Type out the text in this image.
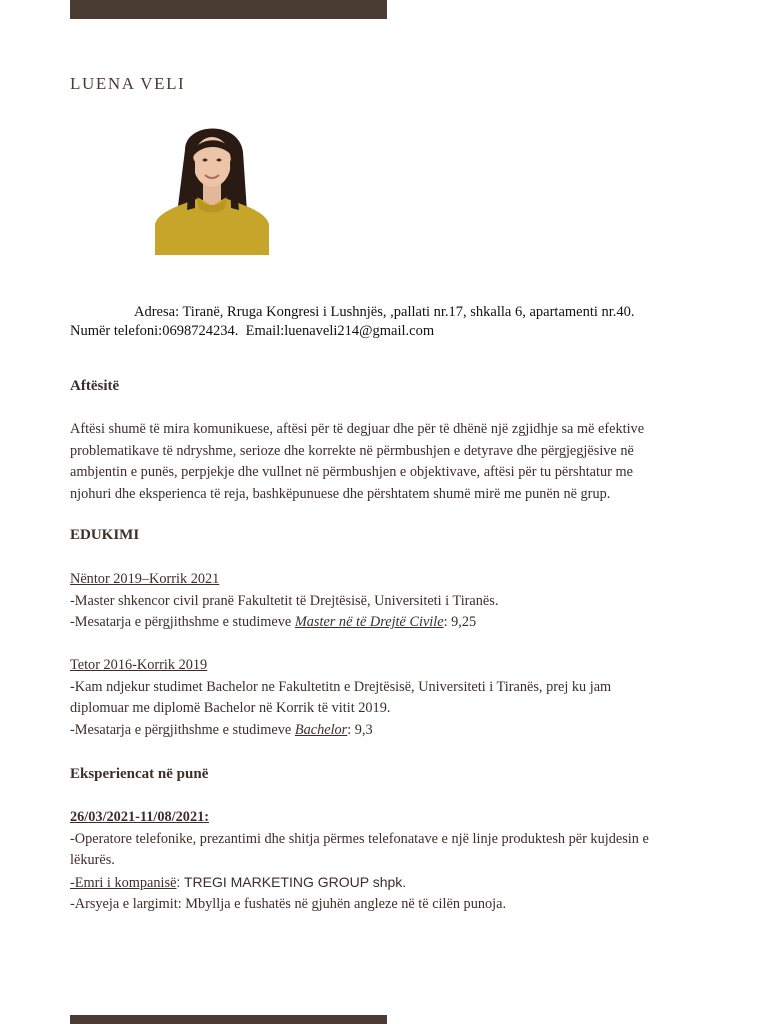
LUENA VELI
Adresa: Tiranë, Rruga Kongresi i Lushnjës, ,pallati nr.17, shkalla 6, apartamenti nr.40.
Numër telefoni:0698724234. Email:luenaveli214@gmail.com
Aftësitë
Aftësi shumë të mira komunikuese, aftësi për të degjuar dhe për të dhënë një zgjidhje sa më efektive
problematikave të ndryshme, serioze dhe korrekte në përmbushjen e detyrave dhe përgjegjësive në
ambjentin e punës, perpjekje dhe vullnet në përmbushjen e objektivave, aftësi për tu përshtatur me
njohuri dhe eksperienca të reja, bashkëpunuese dhe përshtatem shumë mirë me punën në grup.
EDUKIMI
Nëntor 2019–Korrik 2021
-Master shkencor civil pranë Fakultetit të Drejtësisë, Universiteti i Tiranës.
-Mesatarja e përgjithshme e studimeve Master në të Drejtë Civile: 9,25
Tetor 2016-Korrik 2019
-Kam ndjekur studimet Bachelor ne Fakultetitn e Drejtësisë, Universiteti i Tiranës, prej ku jam
diplomuar me diplomë Bachelor në Korrik të vitit 2019.
-Mesatarja e përgjithshme e studimeve Bachelor: 9,3
Eksperiencat në punë
26/03/2021-11/08/2021:
-Operatore telefonike, prezantimi dhe shitja përmes telefonatave e një linje produktesh për kujdesin e
lëkurës.
-Emri i kompanisë: TREGI MARKETING GROUP shpk.
-Arsyeja e largimit: Mbyllja e fushatës në gjuhën angleze në të cilën punoja.
